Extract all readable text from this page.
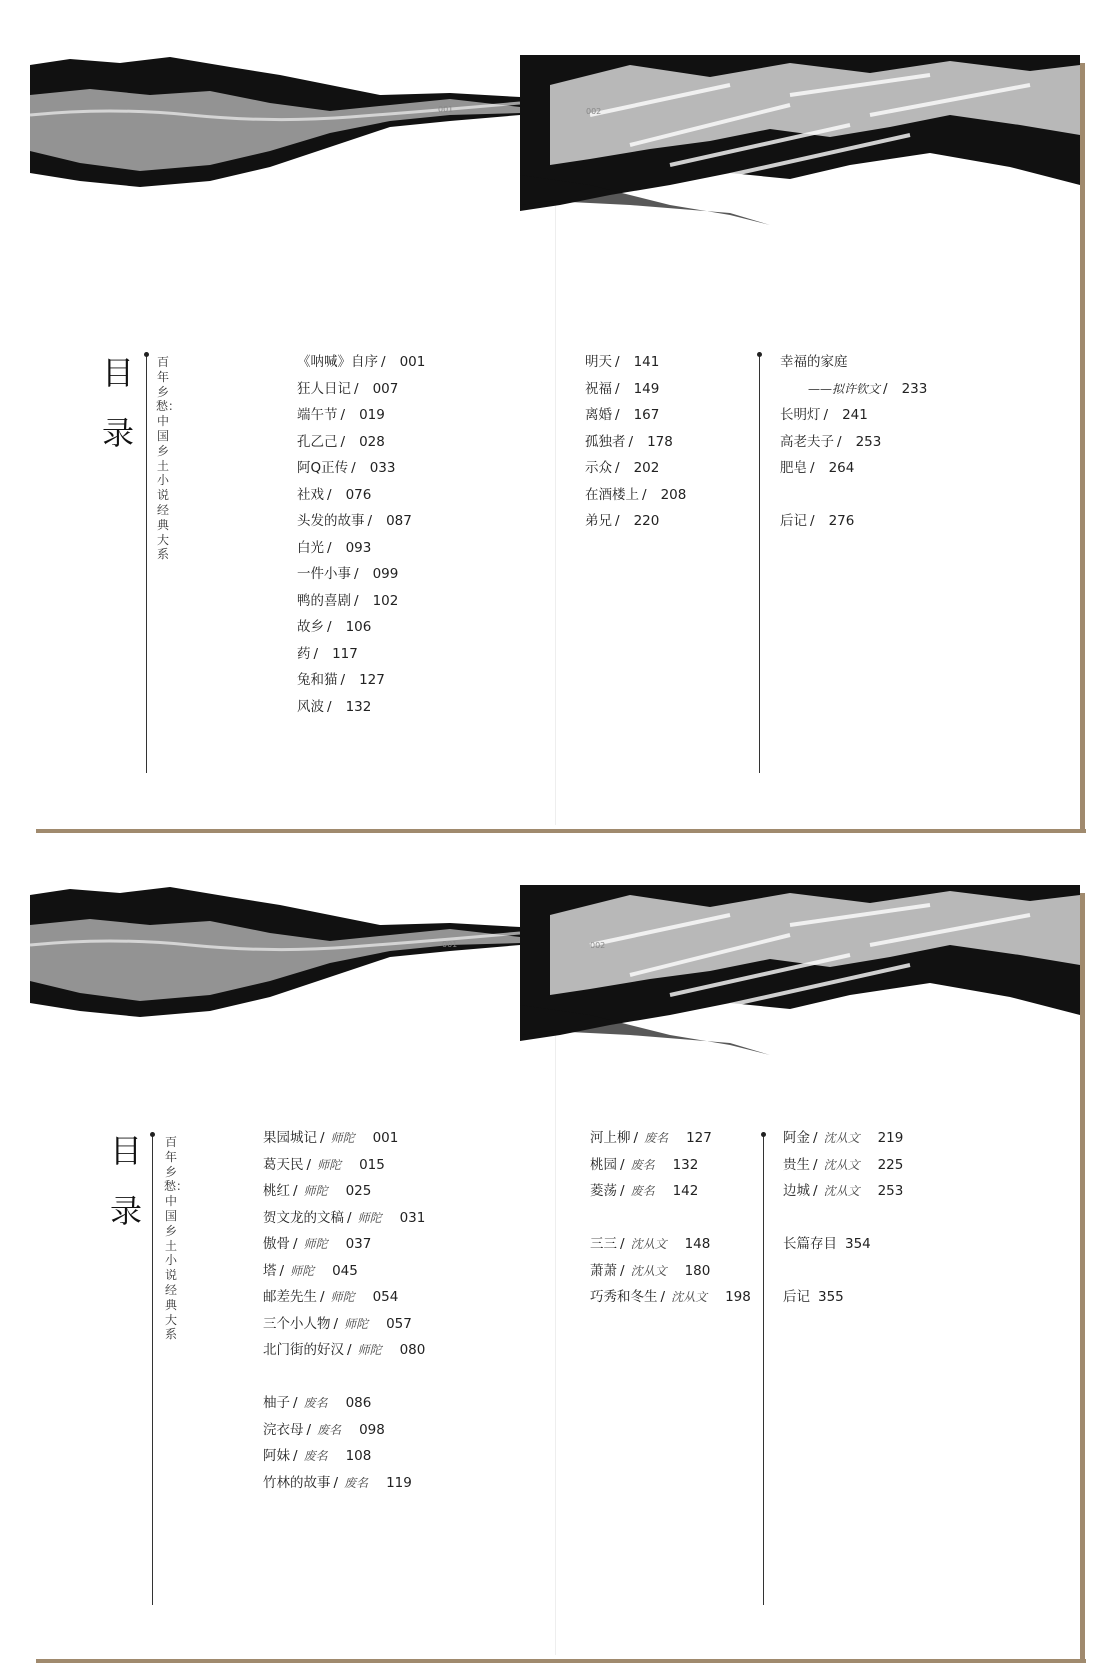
001	002
目录
百年乡愁：中国乡土小说经典大系
《呐喊》自序 / 001
狂人日记 / 007
端午节 / 019
孔乙己 / 028
阿Q正传 / 033
社戏 / 076
头发的故事 / 087
白光 / 093
一件小事 / 099
鸭的喜剧 / 102
故乡 / 106
药 / 117
兔和猫 / 127
风波 / 132
明天 / 141
祝福 / 149
离婚 / 167
孤独者 / 178
示众 / 202
在酒楼上 / 208
弟兄 / 220
幸福的家庭
——拟许钦文 / 233
长明灯 / 241
高老夫子 / 253
肥皂 / 264
后记 / 276
001	002
目录
百年乡愁：中国乡土小说经典大系
果园城记 / 师陀 001
葛天民 / 师陀 015
桃红 / 师陀 025
贺文龙的文稿 / 师陀 031
傲骨 / 师陀 037
塔 / 师陀 045
邮差先生 / 师陀 054
三个小人物 / 师陀 057
北门街的好汉 / 师陀 080
柚子 / 废名 086
浣衣母 / 废名 098
阿妹 / 废名 108
竹林的故事 / 废名 119
河上柳 / 废名 127
桃园 / 废名 132
菱荡 / 废名 142
三三 / 沈从文 148
萧萧 / 沈从文 180
巧秀和冬生 / 沈从文 198
阿金 / 沈从文 219
贵生 / 沈从文 225
边城 / 沈从文 253
长篇存目 354
后记 355
